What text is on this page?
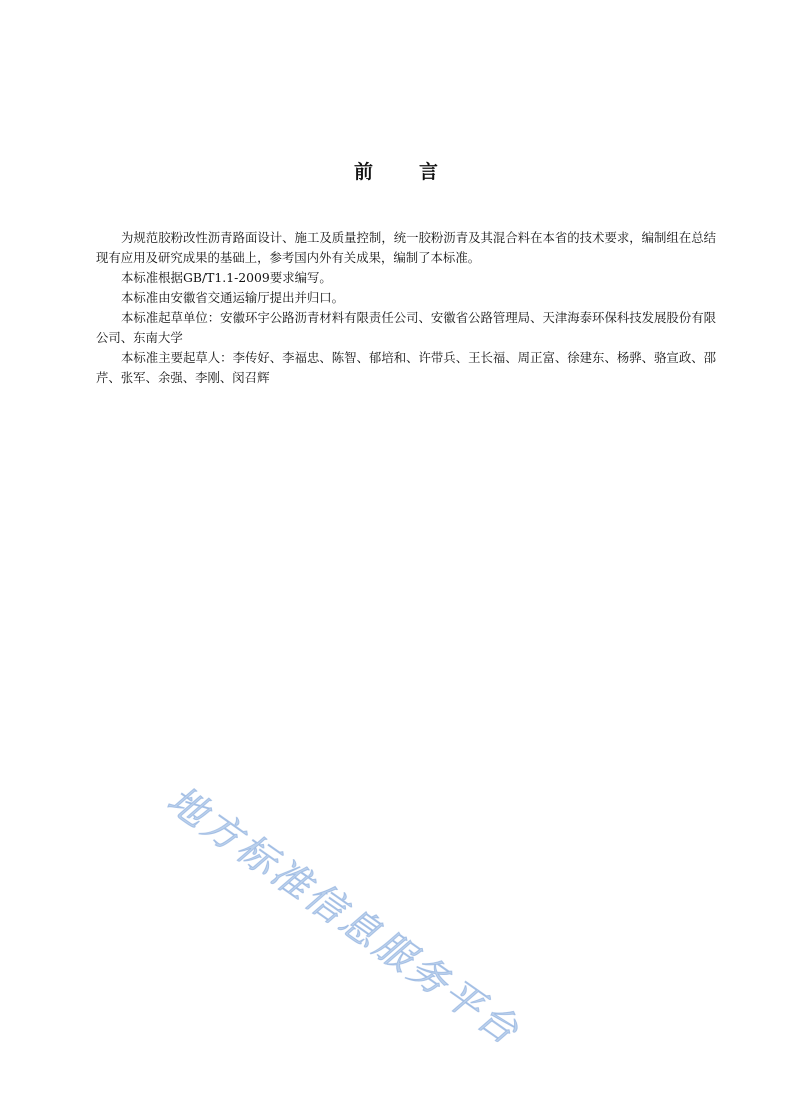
前言

为规范胶粉改性沥青路面设计、施工及质量控制，统一胶粉沥青及其混合料在本省的技术要求，编制组在总结现有应用及研究成果的基础上，参考国内外有关成果，编制了本标准。

本标准根据GB/T1.1-2009要求编写。

本标准由安徽省交通运输厅提出并归口。

本标准起草单位：安徽环宇公路沥青材料有限责任公司、安徽省公路管理局、天津海泰环保科技发展股份有限公司、东南大学

本标准主要起草人：李传好、李福忠、陈智、郁培和、许带兵、王长福、周正富、徐建东、杨骅、骆宣政、邵芹、张军、余强、李刚、闵召辉

地方标准信息服务平台
